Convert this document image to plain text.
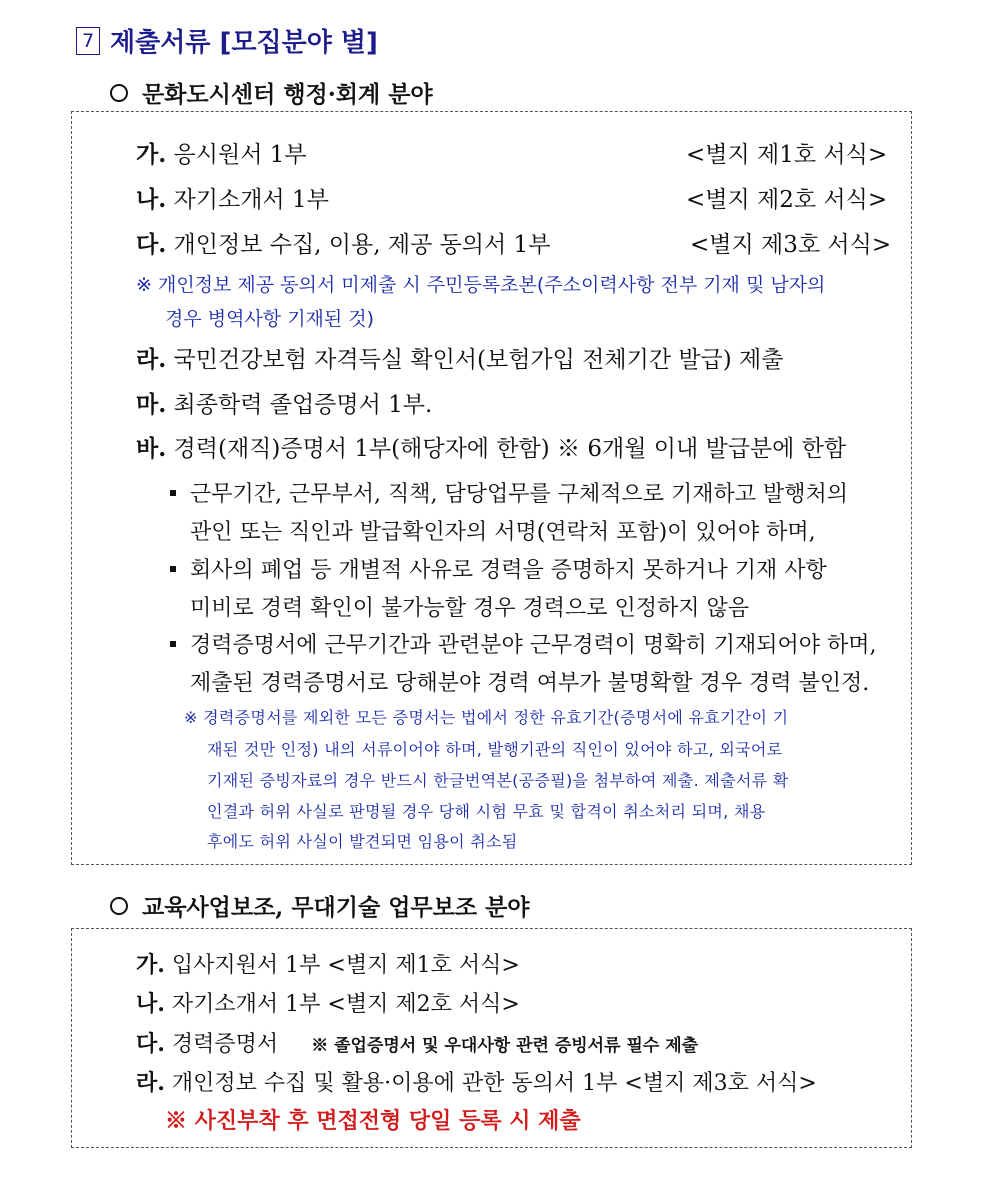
7 제출서류 [모집분야 별]
문화도시센터 행정·회계 분야
가. 응시원서 1부	<별지 제1호 서식>
나. 자기소개서 1부	<별지 제2호 서식>
다. 개인정보 수집, 이용, 제공 동의서 1부	<별지 제3호 서식>
※ 개인정보 제공 동의서 미제출 시 주민등록초본(주소이력사항 전부 기재 및 남자의
경우 병역사항 기재된 것)
라. 국민건강보험 자격득실 확인서(보험가입 전체기간 발급) 제출
마. 최종학력 졸업증명서 1부.
바. 경력(재직)증명서 1부(해당자에 한함) ※ 6개월 이내 발급분에 한함
근무기간, 근무부서, 직책, 담당업무를 구체적으로 기재하고 발행처의
관인 또는 직인과 발급확인자의 서명(연락처 포함)이 있어야 하며,
회사의 폐업 등 개별적 사유로 경력을 증명하지 못하거나 기재 사항
미비로 경력 확인이 불가능할 경우 경력으로 인정하지 않음
경력증명서에 근무기간과 관련분야 근무경력이 명확히 기재되어야 하며,
제출된 경력증명서로 당해분야 경력 여부가 불명확할 경우 경력 불인정.
※ 경력증명서를 제외한 모든 증명서는 법에서 정한 유효기간(증명서에 유효기간이 기
재된 것만 인정) 내의 서류이어야 하며, 발행기관의 직인이 있어야 하고, 외국어로
기재된 증빙자료의 경우 반드시 한글번역본(공증필)을 첨부하여 제출. 제출서류 확
인결과 허위 사실로 판명될 경우 당해 시험 무효 및 합격이 취소처리 되며, 채용
후에도 허위 사실이 발견되면 임용이 취소됨
교육사업보조, 무대기술 업무보조 분야
가. 입사지원서 1부 <별지 제1호 서식>
나. 자기소개서 1부 <별지 제2호 서식>
다. 경력증명서 ※ 졸업증명서 및 우대사항 관련 증빙서류 필수 제출
라. 개인정보 수집 및 활용·이용에 관한 동의서 1부 <별지 제3호 서식>
※ 사진부착 후 면접전형 당일 등록 시 제출
